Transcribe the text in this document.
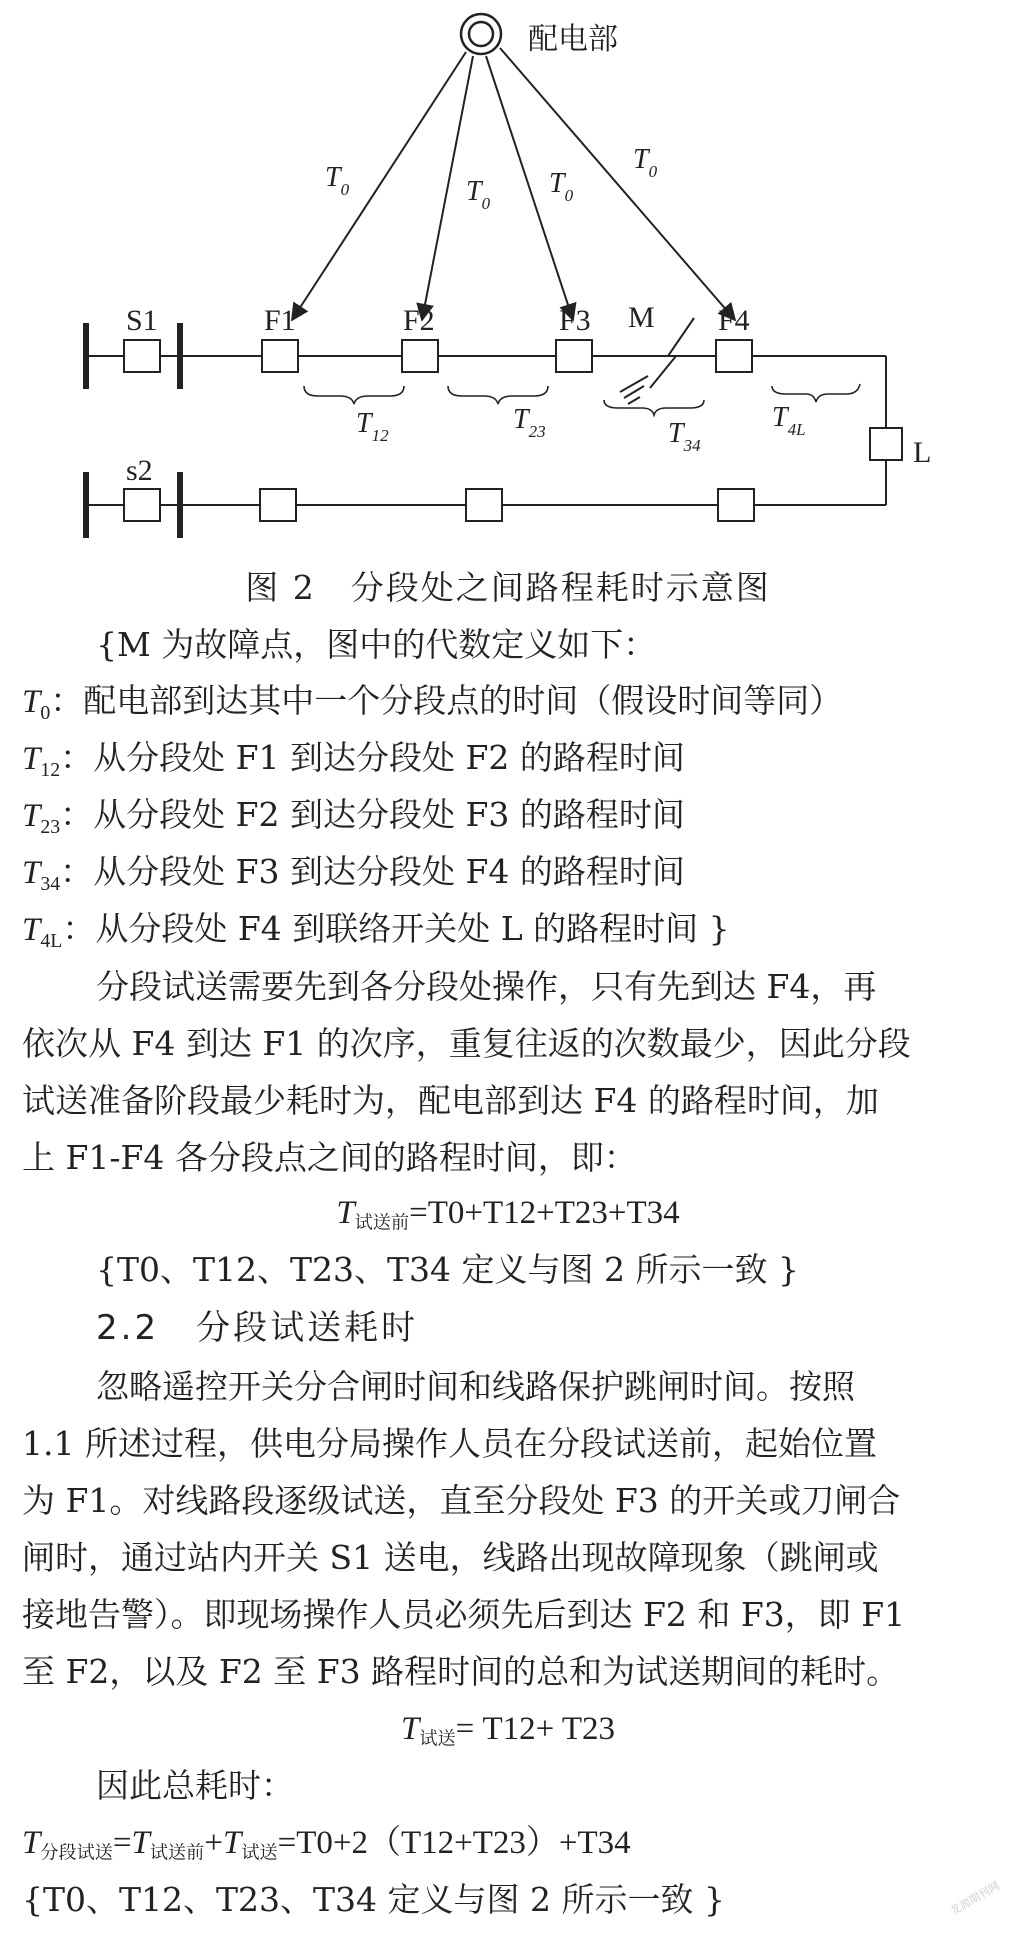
配电部
$T_0$	$T_0$
$T_0$
$T_0$
S1	F1	F2	F3 M F4
L
s2
$T_{12}$
$T_{23}$	$T_{34}$
$T_{4L}$
图 2　分段处之间路程耗时示意图
{M 为故障点，图中的代数定义如下：
$T_0$：配电部到达其中一个分段点的时间（假设时间等同）
$T_{12}$：从分段处 F1 到达分段处 F2 的路程时间
$T_{23}$：从分段处 F2 到达分段处 F3 的路程时间
$T_{34}$：从分段处 F3 到达分段处 F4 的路程时间
$T_{4L}$：从分段处 F4 到联络开关处 L 的路程时间 }
分段试送需要先到各分段处操作，只有先到达 F4，再
依次从 F4 到达 F1 的次序，重复往返的次数最少，因此分段
试送准备阶段最少耗时为，配电部到达 F4 的路程时间，加
上 F1-F4 各分段点之间的路程时间，即：
T试送前=T0+T12+T23+T34
{T0、T12、T23、T34 定义与图 2 所示一致 }
2.2　 分段试送耗时
忽略遥控开关分合闸时间和线路保护跳闸时间。按照
1.1 所述过程，供电分局操作人员在分段试送前，起始位置
为 F1。对线路段逐级试送，直至分段处 F3 的开关或刀闸合
闸时，通过站内开关 S1 送电，线路出现故障现象（跳闸或
接地告警）。即现场操作人员必须先后到达 F2 和 F3，即 F1
至 F2，以及 F2 至 F3 路程时间的总和为试送期间的耗时。
T试送= T12+ T23
因此总耗时：
T分段试送=T试送前+T试送=T0+2（T12+T23）+T34
{T0、T12、T23、T34 定义与图 2 所示一致 }	龙源期刊网
